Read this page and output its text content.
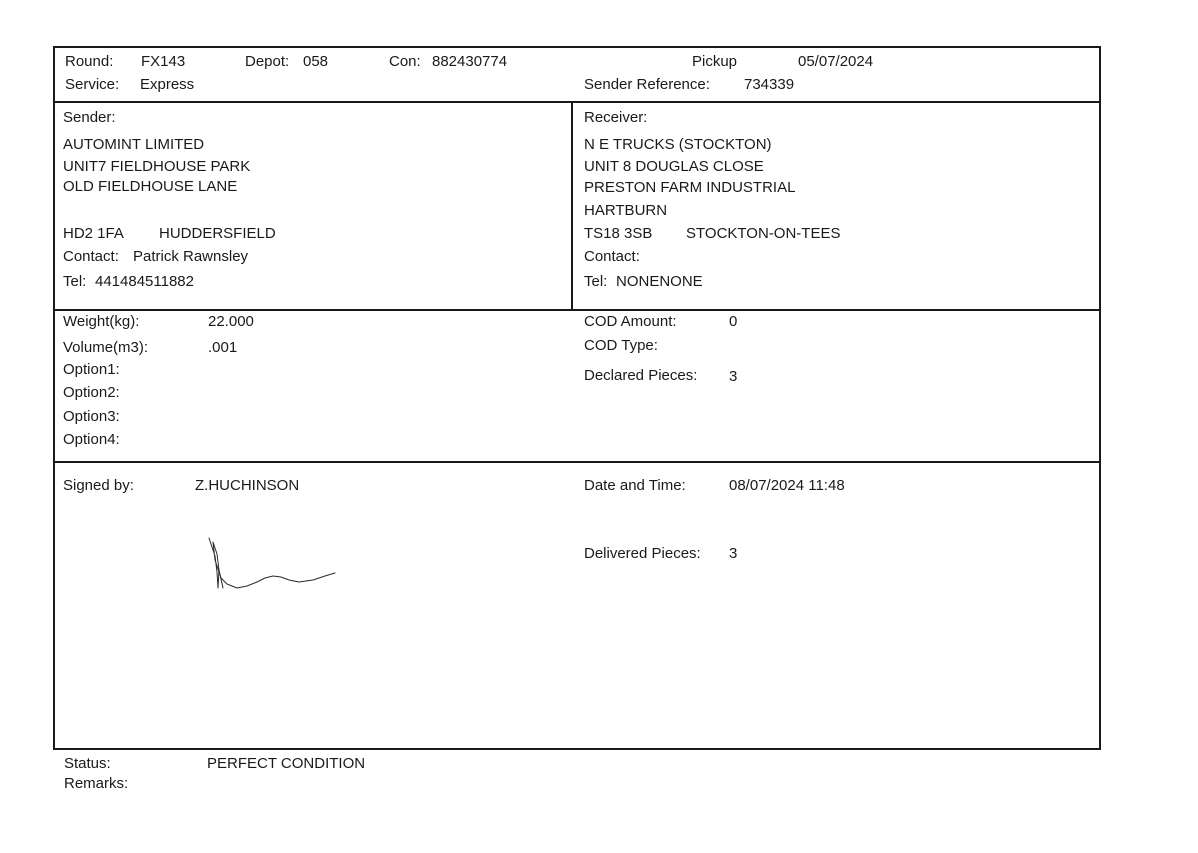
Round: FX143	Depot: 058	Con: 882430774
Service: Express
Pickup	05/07/2024
Sender Reference: 734339
Sender:
AUTOMINT LIMITED
UNIT7 FIELDHOUSE PARK
OLD FIELDHOUSE LANE
HD2 1FA HUDDERSFIELD
Contact: Patrick Rawnsley
Tel: 441484511882
Receiver:
N E TRUCKS (STOCKTON)
UNIT 8 DOUGLAS CLOSE
PRESTON FARM INDUSTRIAL
HARTBURN
TS18 3SB STOCKTON-ON-TEES
Contact:
Tel: NONENONE
Weight(kg):	22.000
Volume(m3):	.001
Option1:
Option2:
Option3:
Option4:
COD Amount:	0
COD Type:
Declared Pieces: 3
Signed by:	Z.HUCHINSON	Date and Time:	08/07/2024 11:48
Delivered Pieces: 3
Status:	PERFECT CONDITION
Remarks:
